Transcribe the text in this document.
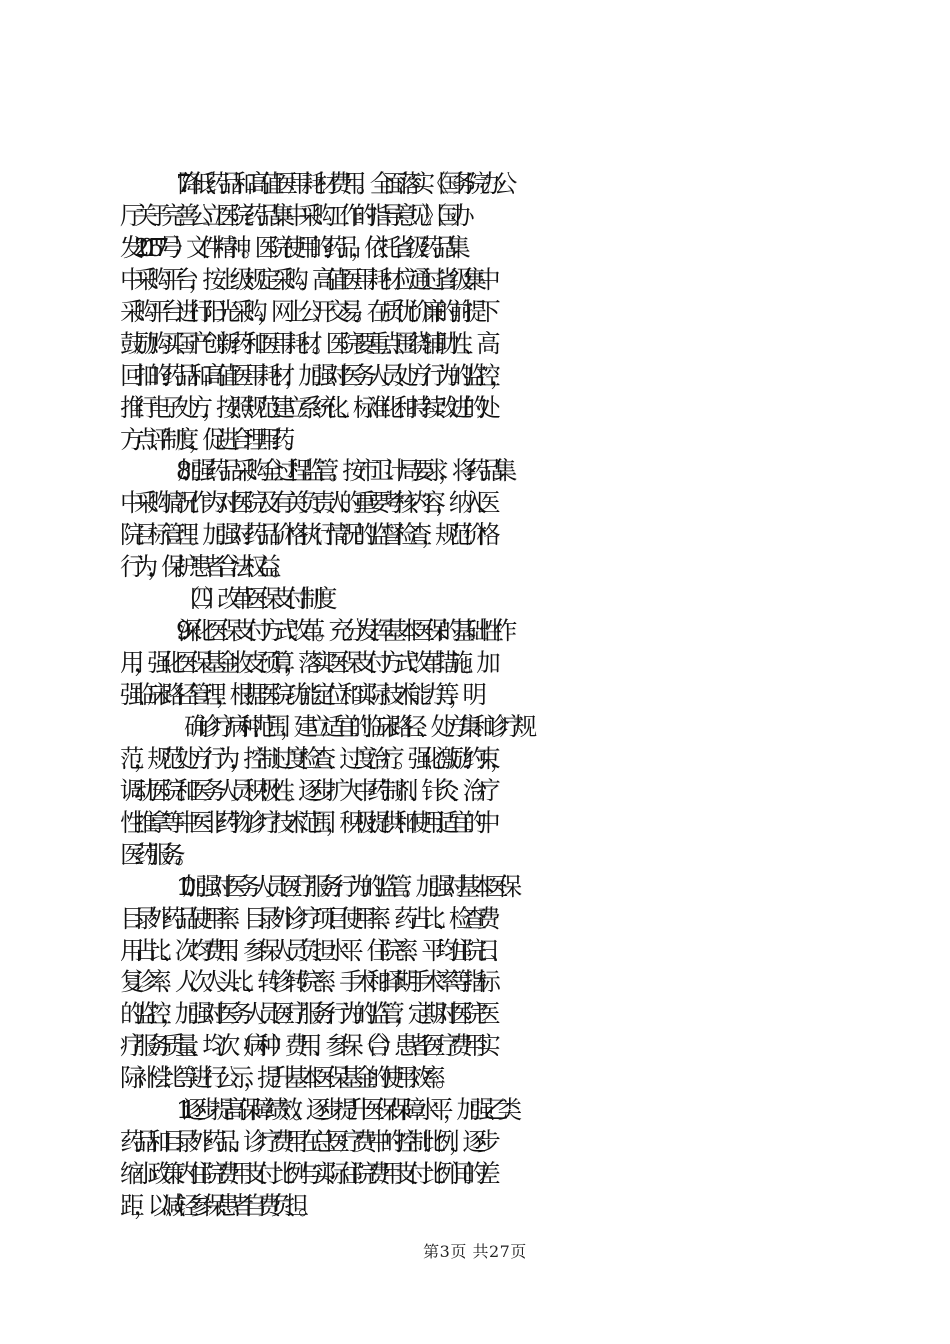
7.降低药品和高值医用耗材费用。全面落实《国务院办公
厅关于完善公立医院药品集中采购工作的指导意见》（国办
发"2015"7号）文件精神。医院使用的药品，依托省级药品集
中采购平台，按上级规定采购。高值医用耗材应通过省级集中
采购平台进行阳光采购，网上公开交易。在质优价廉的前提下
鼓励购买国产创新药和医用耗材。医院要重点围绕辅助性、高
回扣的药品和高值医用耗材，加强对医务人员处方行为的监控，
推行电子处方，按照规范建立系统化、标准化和持续改进的处
方点评制度，促进合理用药。
8.加强药品采购全过程监管。按市卫计局要求，将药品集
中采购情况作为对医院及有关负责人的重要考核内容，纳入医
院目标管理。加强对药品价格执行情况的监督检查，规范价格
行为，保护患者合法权益。
（四）改革医保支付制度
9.深化医保支付方式改革。充分发挥基本医保的基础性作
用，强化医保基金收支预算，落实医保支付方式改革措施。加
强临床路径管理，根据医院功能定位和实际技术能力等，明
确诊疗病种范围，建立适宜的临床路径、处方集和诊疗规
范，规范处方行为，控制过度检查、过度治疗。强化激励约束，
调动医院和医务人员积极性。逐步扩大中药制剂、针灸、治疗
性推拿等中医非药物诊疗技术范围，积极提供和使用适宜的中
医药服务。
10.加强对医务人员医疗服务行为的监管。加强对基本医保
目录外药品使用率、目录外诊疗项目使用率、药占比、检查费
用占比、次均费用、参保人员负担水平、住院率、平均住院日、
复诊率、人次人头比、转诊转院率、手术和择期手术率等指标
的监控，加强对医务人员医疗服务行为的监管，定期对医院医
疗服务质量、均次（病种）费用、参保（合）患者医疗费用实
际补偿比等进行公示，提升基本医保基金的使用效率。
11.逐步提高保障绩效。逐步提升医保保障水平，加强乙类
药品和目录外药品、诊疗费用在总医疗费中的控制比例，逐步
缩小政策内住院费用支付比例与实际住院费用支付比例间的差
距，以减轻参保患者自费负担。
第3页 共27页
